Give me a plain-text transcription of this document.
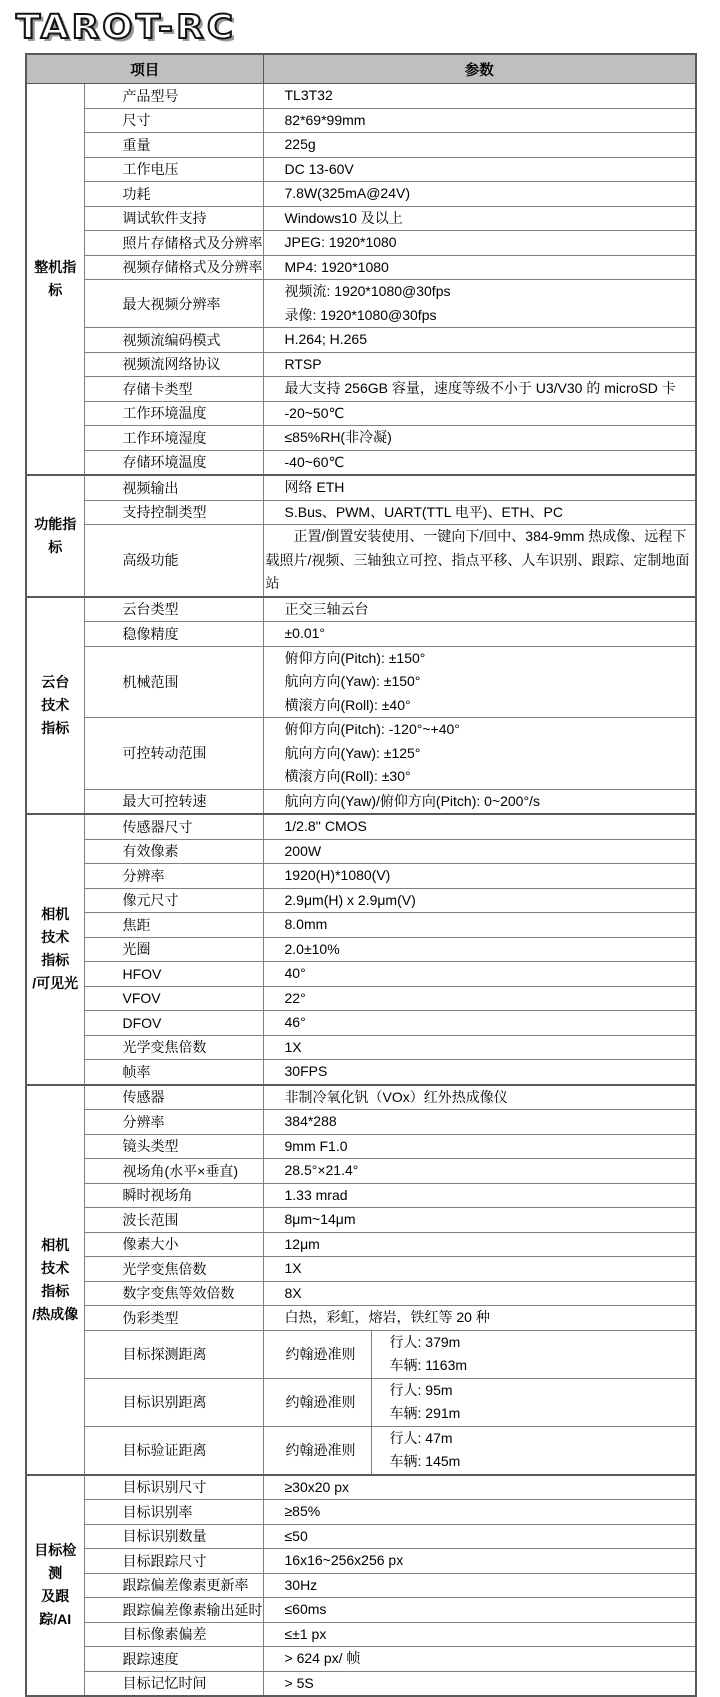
TAROT-RC
项目		参数	

整机指标	产品型号	TL3T32	

	尺寸	82*69*99mm	

	重量	225g	

	工作电压	DC 13-60V	

	功耗	7.8W(325mA@24V)	

	调试软件支持	Windows10 及以上	

	照片存储格式及分辨率	JPEG: 1920*1080	

	视频存储格式及分辨率	MP4: 1920*1080	

	最大视频分辨率	视频流: 1920*1080@30fps
录像: 1920*1080@30fps	

	视频流编码模式	H.264; H.265	

	视频流网络协议	RTSP	

	存储卡类型	最大支持 256GB 容量，速度等级不小于 U3/V30 的 microSD 卡	

	工作环境温度	-20~50℃	

	工作环境湿度	≤85%RH(非冷凝)	

	存储环境温度	-40~60℃	

功能指标	视频输出	网络 ETH	

	支持控制类型	S.Bus、PWM、UART(TTL 电平)、ETH、PC	

	高级功能	正置/倒置安装使用、一键向下/回中、384-9mm 热成像、远程下载照片/视频、三轴独立可控、指点平移、人车识别、跟踪、定制地面站	

云台
技术
指标	云台类型	正交三轴云台	

	稳像精度	±0.01°	

	机械范围	俯仰方向(Pitch): ±150°
航向方向(Yaw): ±150°
横滚方向(Roll): ±40°	

	可控转动范围	俯仰方向(Pitch): -120°~+40°
航向方向(Yaw): ±125°
横滚方向(Roll): ±30°	

	最大可控转速	航向方向(Yaw)/俯仰方向(Pitch): 0~200°/s	

相机
技术
指标
/可见光	传感器尺寸	1/2.8'' CMOS	

	有效像素	200W	

	分辨率	1920(H)*1080(V)	

	像元尺寸	2.9μm(H) x 2.9μm(V)	

	焦距	8.0mm	

	光圈	2.0±10%	

	HFOV	40°	

	VFOV	22°	

	DFOV	46°	

	光学变焦倍数	1X	

	帧率	30FPS	

相机
技术
指标
/热成像	传感器	非制冷氧化钒（VOx）红外热成像仪	

	分辨率	384*288	

	镜头类型	9mm F1.0	

	视场角(水平×垂直)	28.5°×21.4°	

	瞬时视场角	1.33 mrad	

	波长范围	8μm~14μm	

	像素大小	12μm	

	光学变焦倍数	1X	

	数字变焦等效倍数	8X	

	伪彩类型	白热，彩虹，熔岩，铁红等 20 种	

	目标探测距离	约翰逊准则	行人: 379m
车辆: 1163m

	目标识别距离	约翰逊准则	行人: 95m
车辆: 291m

	目标验证距离	约翰逊准则	行人: 47m
车辆: 145m

目标检测
及跟踪/AI	目标识别尺寸	≥30x20 px	

	目标识别率	≥85%	

	目标识别数量	≤50	

	目标跟踪尺寸	16x16~256x256 px	

	跟踪偏差像素更新率	30Hz	

	跟踪偏差像素输出延时	≤60ms	

	目标像素偏差	≤±1 px	

	跟踪速度	> 624 px/ 帧	

	目标记忆时间	> 5S	
